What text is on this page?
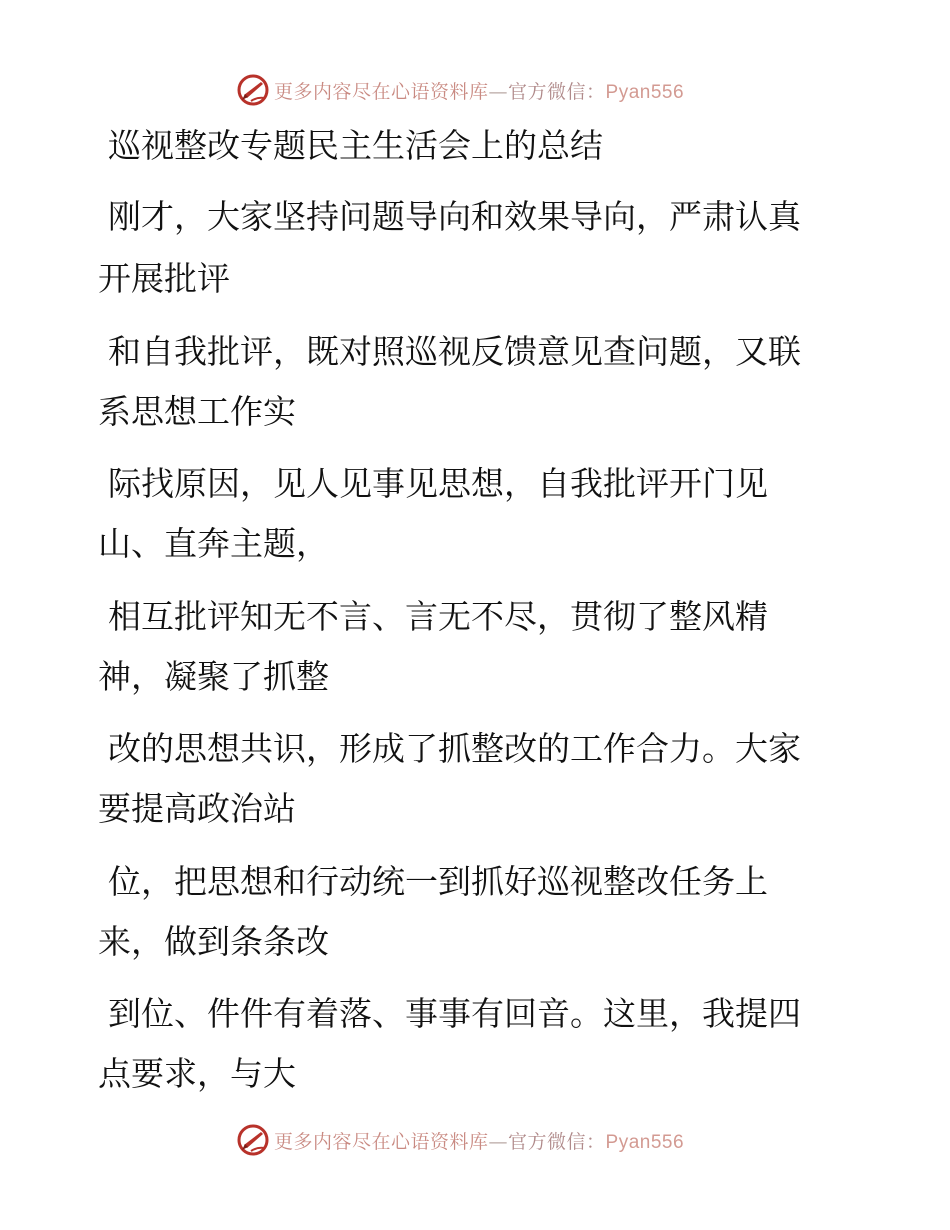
更多内容尽在心语资料库—官方微信：Pyan556
巡视整改专题民主生活会上的总结
刚才，大家坚持问题导向和效果导向，严肃认真
开展批评
和自我批评，既对照巡视反馈意见查问题，又联
系思想工作实
际找原因，见人见事见思想，自我批评开门见
山、直奔主题，
相互批评知无不言、言无不尽，贯彻了整风精
神，凝聚了抓整
改的思想共识，形成了抓整改的工作合力。大家
要提高政治站
位，把思想和行动统一到抓好巡视整改任务上
来，做到条条改
到位、件件有着落、事事有回音。这里，我提四
点要求，与大
更多内容尽在心语资料库—官方微信：Pyan556
